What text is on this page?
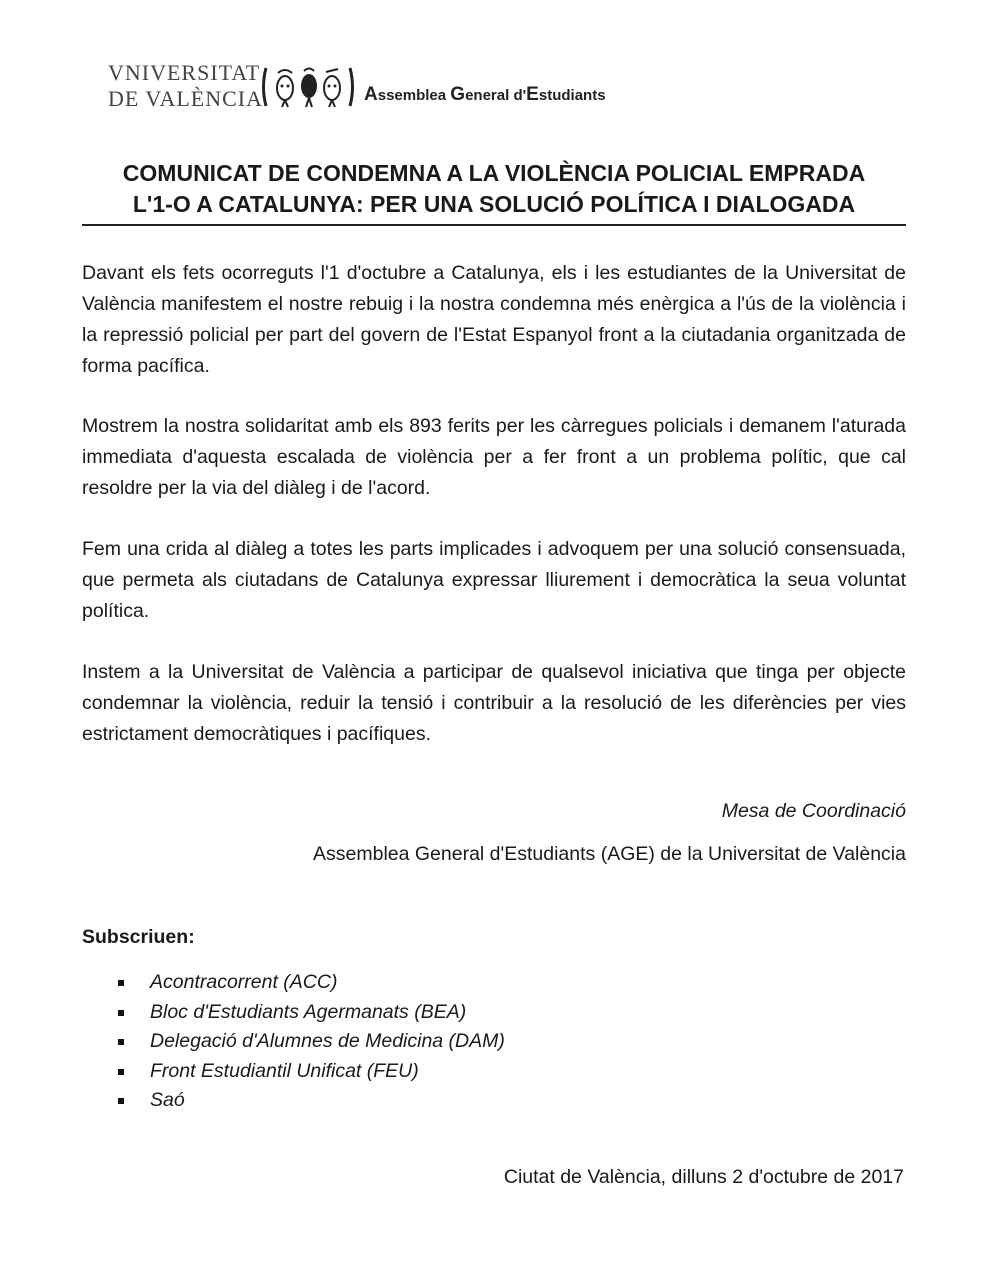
VNIVERSITAT
DE VALÈNCIA	Assemblea General d'Estudiants
COMUNICAT DE CONDEMNA A LA VIOLÈNCIA POLICIAL EMPRADA
L'1-O A CATALUNYA: PER UNA SOLUCIÓ POLÍTICA I DIALOGADA

Davant els fets ocorreguts l'1 d'octubre a Catalunya, els i les estudiantes de la Universitat de València manifestem el nostre rebuig i la nostra condemna més enèrgica a l'ús de la violència i la repressió policial per part del govern de l'Estat Espanyol front a la ciutadania organitzada de forma pacífica.

Mostrem la nostra solidaritat amb els 893 ferits per les càrregues policials i demanem l'aturada immediata d'aquesta escalada de violència per a fer front a un problema polític, que cal resoldre per la via del diàleg i de l'acord.

Fem una crida al diàleg a totes les parts implicades i advoquem per una solució consensuada, que permeta als ciutadans de Catalunya expressar lliurement i democràtica la seua voluntat política.

Instem a la Universitat de València a participar de qualsevol iniciativa que tinga per objecte condemnar la violència, reduir la tensió i contribuir a la resolució de les diferències per vies estrictament democràtiques i pacífiques.

Mesa de Coordinació

Assemblea General d'Estudiants (AGE) de la Universitat de València

Subscriuen:

Acontracorrent (ACC)
Bloc d'Estudiants Agermanats (BEA)
Delegació d'Alumnes de Medicina (DAM)
Front Estudiantil Unificat (FEU)
Saó

Ciutat de València, dilluns 2 d'octubre de 2017
